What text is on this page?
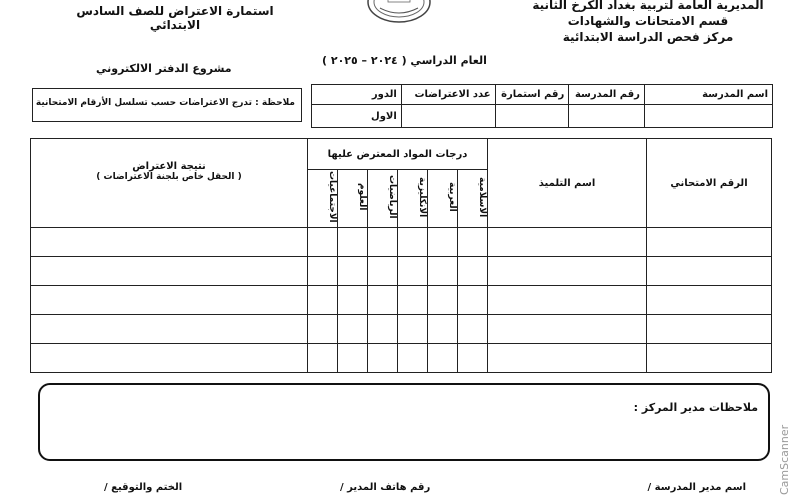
المديرية العامة لتربية بغداد الكرخ الثانية
قسم الامتحانات والشهادات
مركز فحص الدراسة الابتدائية
استمارة الاعتراض للصف السادس الابتدائي
العام الدراسي ( ٢٠٢٤ – ٢٠٢٥ )
مشروع الدفتر الالكتروني
اسم المدرسة	رقم المدرسة	رقم استمارة	عدد الاعتراضات	الدور
				الاول
ملاحظة : تدرج الاعتراضات حسب تسلسل الأرقام الامتحانية
الرقم الامتحاني	اسم التلميذ	درجات المواد المعترض عليها						نتيجة الاعتراض
( الحقل خاص بلجنة الاعتراضات )

		الاسلامية	العربية	الانكليزية	الرياضيات	العلوم	الاجتماعيات	

ملاحظات مدير المركز :
اسم مدير المدرسة /
رقم هاتف المدير /
الختم والتوقيع /	CamScanner
